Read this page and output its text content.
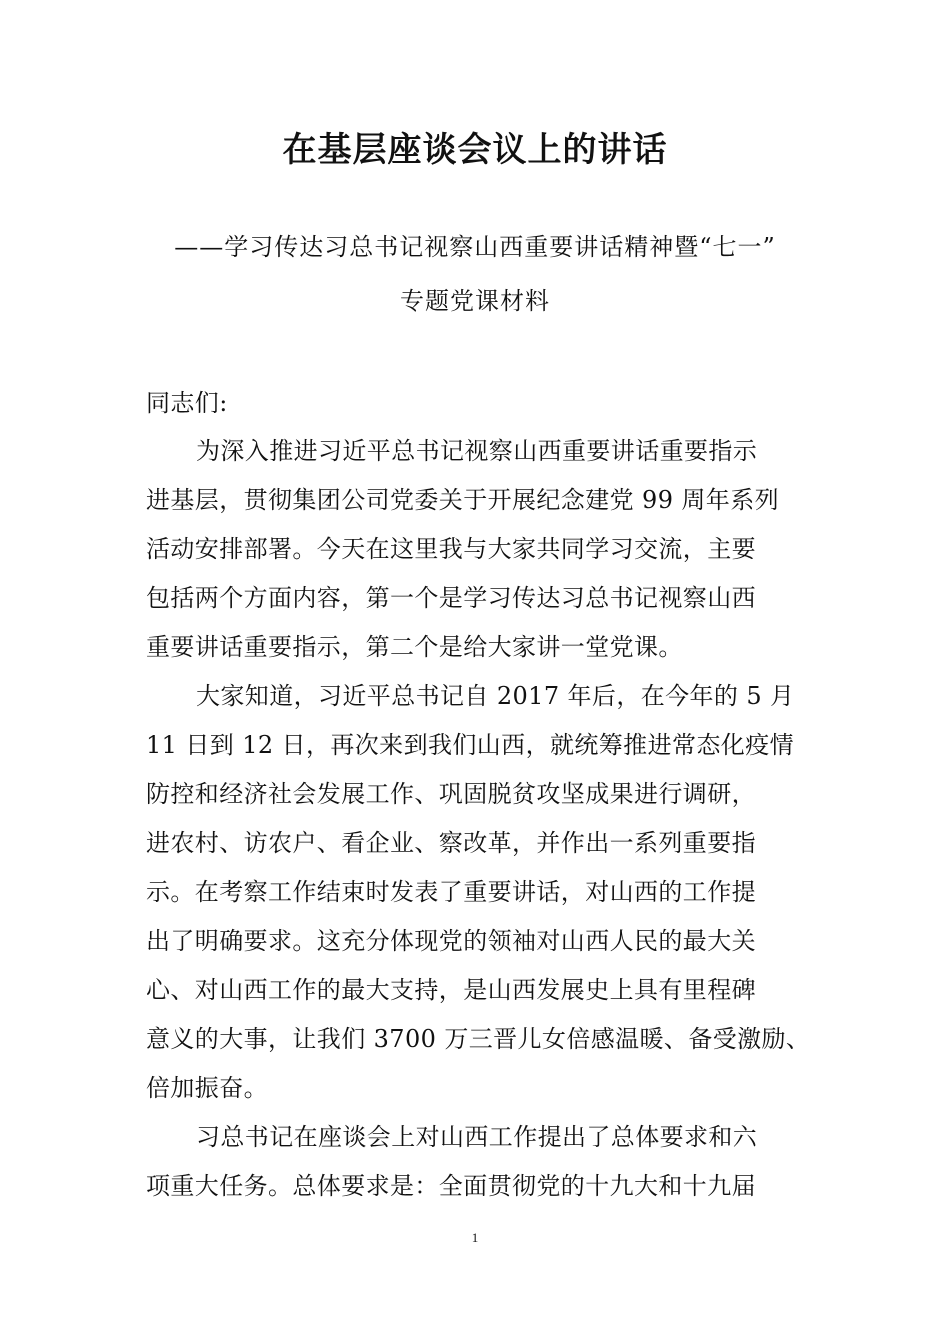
在基层座谈会议上的讲话
——学习传达习总书记视察山西重要讲话精神暨“七一”
专题党课材料
同志们:
为深入推进习近平总书记视察山西重要讲话重要指示
进基层，贯彻集团公司党委关于开展纪念建党 99 周年系列
活动安排部署。今天在这里我与大家共同学习交流，主要
包括两个方面内容，第一个是学习传达习总书记视察山西
重要讲话重要指示，第二个是给大家讲一堂党课。
大家知道，习近平总书记自 2017 年后，在今年的 5 月
11 日到 12 日，再次来到我们山西，就统筹推进常态化疫情
防控和经济社会发展工作、巩固脱贫攻坚成果进行调研，
进农村、访农户、看企业、察改革，并作出一系列重要指
示。在考察工作结束时发表了重要讲话，对山西的工作提
出了明确要求。这充分体现党的领袖对山西人民的最大关
心、对山西工作的最大支持，是山西发展史上具有里程碑
意义的大事，让我们 3700 万三晋儿女倍感温暖、备受激励、
倍加振奋。
习总书记在座谈会上对山西工作提出了总体要求和六
项重大任务。总体要求是：全面贯彻党的十九大和十九届
1
